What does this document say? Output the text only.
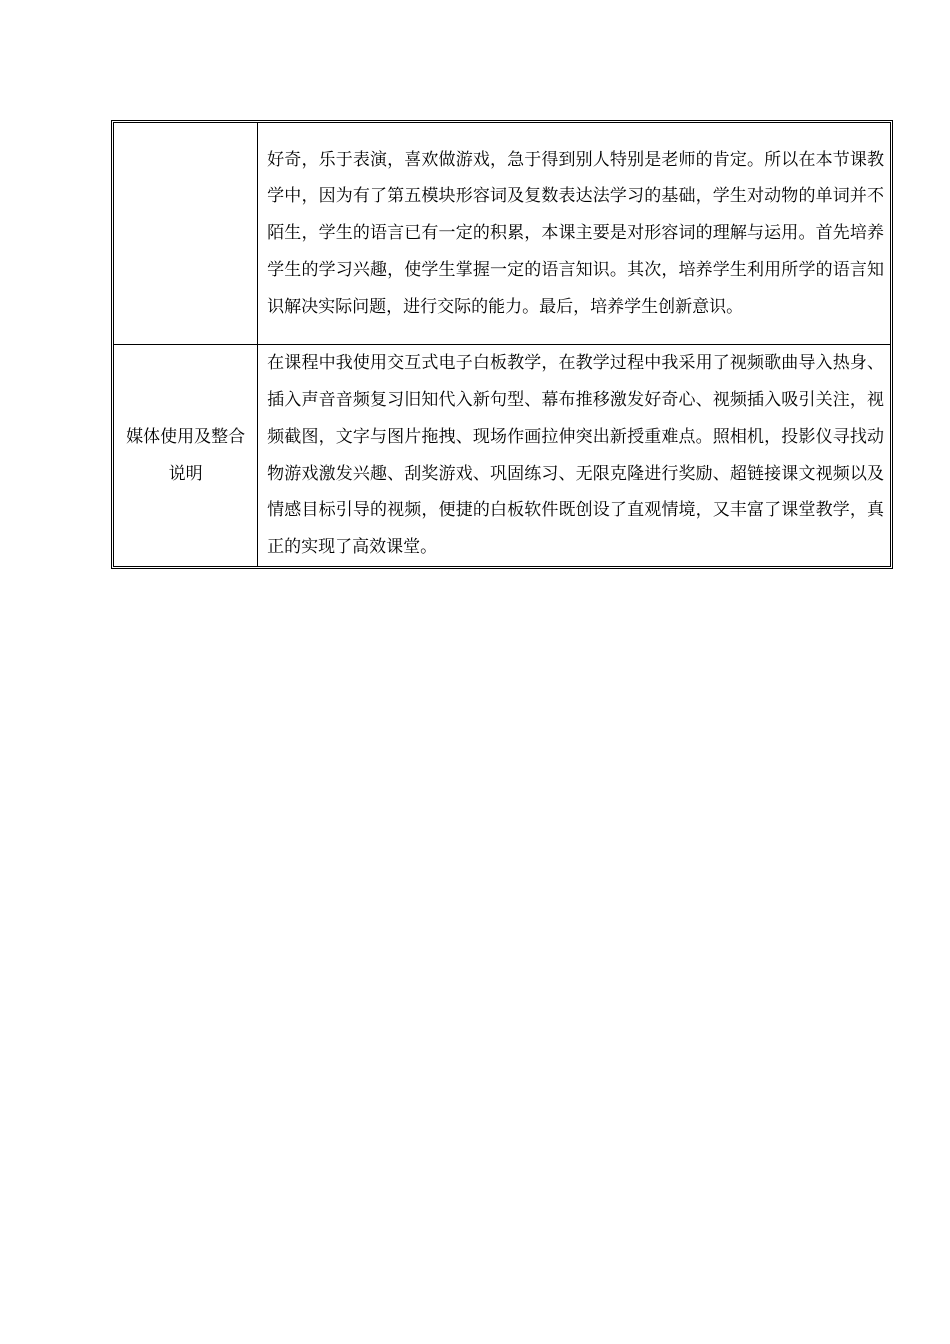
	好奇，乐于表演，喜欢做游戏，急于得到别人特别是老师的肯定。所以在本节课教学中，因为有了第五模块形容词及复数表达法学习的基础，学生对动物的单词并不陌生，学生的语言已有一定的积累，本课主要是对形容词的理解与运用。首先培养学生的学习兴趣，使学生掌握一定的语言知识。其次，培养学生利用所学的语言知识解决实际问题，进行交际的能力。最后，培养学生创新意识。
媒体使用及整合说明	在课程中我使用交互式电子白板教学，在教学过程中我采用了视频歌曲导入热身、插入声音音频复习旧知代入新句型、幕布推移激发好奇心、视频插入吸引关注，视频截图，文字与图片拖拽、现场作画拉伸突出新授重难点。照相机，投影仪寻找动物游戏激发兴趣、刮奖游戏、巩固练习、无限克隆进行奖励、超链接课文视频以及情感目标引导的视频，便捷的白板软件既创设了直观情境，又丰富了课堂教学，真正的实现了高效课堂。
